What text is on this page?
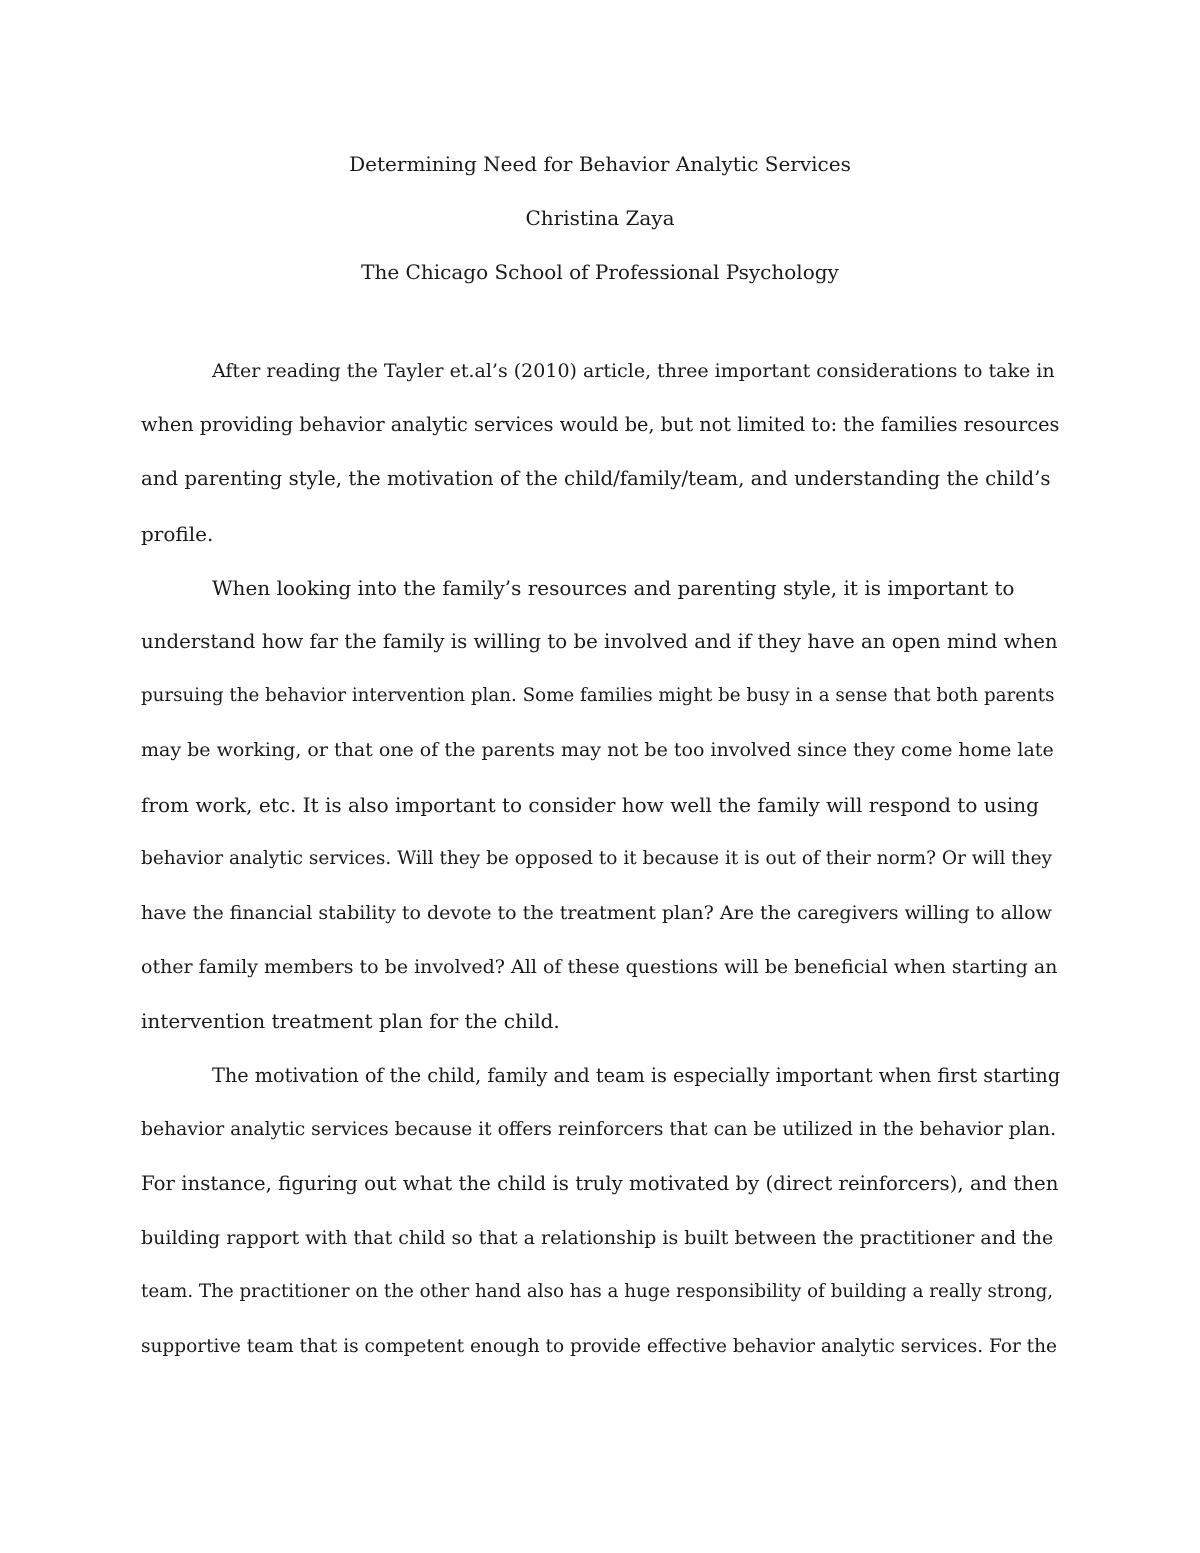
Determining Need for Behavior Analytic Services
Christina Zaya
The Chicago School of Professional Psychology

After reading the Tayler et.al’s (2010) article, three important considerations to take in
when providing behavior analytic services would be, but not limited to: the families resources
and parenting style, the motivation of the child/family/team, and understanding the child’s
profile.

When looking into the family’s resources and parenting style, it is important to
understand how far the family is willing to be involved and if they have an open mind when
pursuing the behavior intervention plan. Some families might be busy in a sense that both parents
may be working, or that one of the parents may not be too involved since they come home late
from work, etc. It is also important to consider how well the family will respond to using
behavior analytic services. Will they be opposed to it because it is out of their norm? Or will they
have the financial stability to devote to the treatment plan? Are the caregivers willing to allow
other family members to be involved? All of these questions will be beneficial when starting an
intervention treatment plan for the child.

The motivation of the child, family and team is especially important when first starting
behavior analytic services because it offers reinforcers that can be utilized in the behavior plan.
For instance, figuring out what the child is truly motivated by (direct reinforcers), and then
building rapport with that child so that a relationship is built between the practitioner and the
team. The practitioner on the other hand also has a huge responsibility of building a really strong,
supportive team that is competent enough to provide effective behavior analytic services. For the
